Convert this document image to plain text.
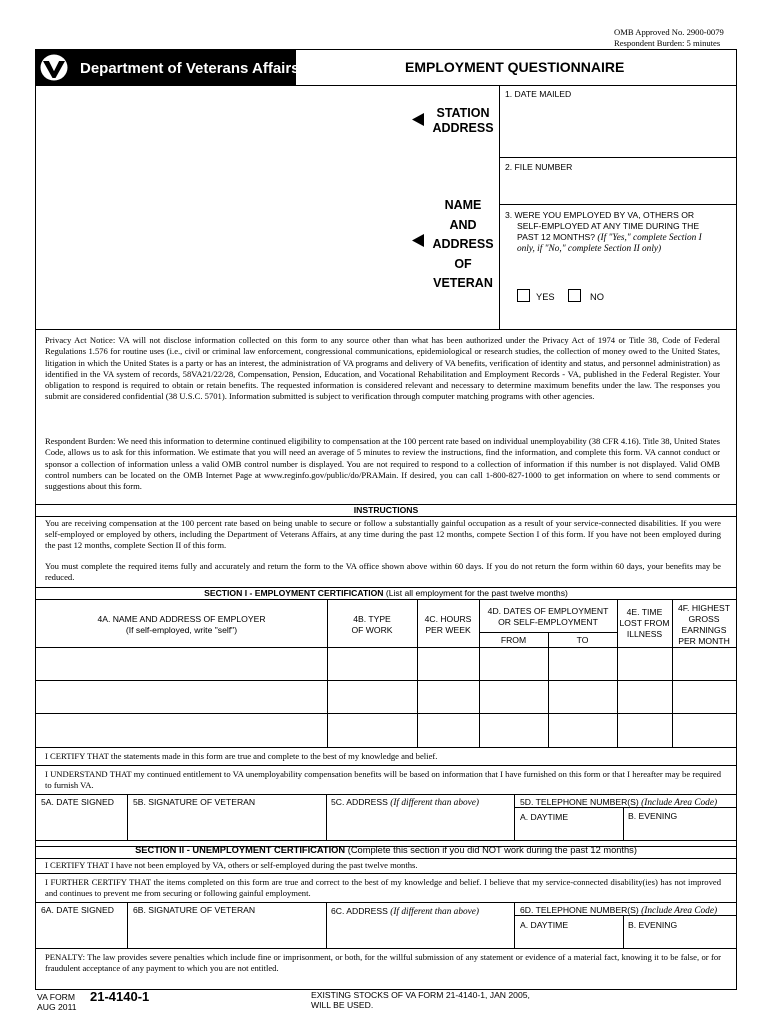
OMB Approved No. 2900-0079
Respondent Burden: 5 minutes
Department of Veterans Affairs	EMPLOYMENT QUESTIONNAIRE
1. DATE MAILED
2. FILE NUMBER
3. WERE YOU EMPLOYED BY VA, OTHERS OR
SELF-EMPLOYED AT ANY TIME DURING THE
PAST 12 MONTHS? (If "Yes," complete Section I
only, if "No," complete Section II only)
YES	NO
STATION
ADDRESS
NAME
AND
ADDRESS
OF
VETERAN
Privacy Act Notice: VA will not disclose information collected on this form to any source other than what has been authorized under the Privacy Act of 1974 or Title 38, Code of Federal Regulations 1.576 for routine uses (i.e., civil or criminal law enforcement, congressional communications, epidemiological or research studies, the collection of money owed to the United States, litigation in which the United States is a party or has an interest, the administration of VA programs and delivery of VA benefits, verification of identity and status, and personnel administration) as identified in the VA system of records, 58VA21/22/28, Compensation, Pension, Education, and Vocational Rehabilitation and Employment Records - VA, published in the Federal Register. Your obligation to respond is required to obtain or retain benefits. The requested information is considered relevant and necessary to determine maximum benefits under the law. The responses you submit are considered confidential (38 U.S.C. 5701). Information submitted is subject to verification through computer matching programs with other agencies.
Respondent Burden: We need this information to determine continued eligibility to compensation at the 100 percent rate based on individual unemployability (38 CFR 4.16). Title 38, United States Code, allows us to ask for this information. We estimate that you will need an average of 5 minutes to review the instructions, find the information, and complete this form. VA cannot conduct or sponsor a collection of information unless a valid OMB control number is displayed. You are not required to respond to a collection of information if this number is not displayed. Valid OMB control numbers can be located on the OMB Internet Page at www.reginfo.gov/public/do/PRAMain. If desired, you can call 1-800-827-1000 to get information on where to send comments or suggestions about this form.
INSTRUCTIONS
You are receiving compensation at the 100 percent rate based on being unable to secure or follow a substantially gainful occupation as a result of your service-connected disabilities. If you were self-employed or employed by others, including the Department of Veterans Affairs, at any time during the past 12 months, compete Section I of this form. If you have not been employed during the past 12 months, complete Section II of this form.
You must complete the required items fully and accurately and return the form to the VA office shown above within 60 days. If you do not return the form within 60 days, your benefits may be reduced.
SECTION I - EMPLOYMENT CERTIFICATION (List all employment for the past twelve months)
4A. NAME AND ADDRESS OF EMPLOYER
(If self-employed, write "self")
4B. TYPE
OF WORK
4C. HOURS
PER WEEK
4D. DATES OF EMPLOYMENT
OR SELF-EMPLOYMENT
FROM	TO
4E. TIME
LOST FROM
ILLNESS
4F. HIGHEST
GROSS
EARNINGS
PER MONTH
I CERTIFY THAT the statements made in this form are true and complete to the best of my knowledge and belief.
I UNDERSTAND THAT my continued entitlement to VA unemployability compensation benefits will be based on information that I have furnished on this form or that I hereafter may be required to furnish VA.
5A. DATE SIGNED 5B. SIGNATURE OF VETERAN	5C. ADDRESS (If different than above)	5D. TELEPHONE NUMBER(S) (Include Area Code)
A. DAYTIME	B. EVENING
SECTION II - UNEMPLOYMENT CERTIFICATION (Complete this section if you did NOT work during the past 12 months)
I CERTIFY THAT I have not been employed by VA, others or self-employed during the past twelve months.
I FURTHER CERTIFY THAT the items completed on this form are true and correct to the best of my knowledge and belief. I believe that my service-connected disability(ies) has not improved and continues to prevent me from securing or following gainful employment.
6A. DATE SIGNED 6B. SIGNATURE OF VETERAN	6C. ADDRESS (If different than above)	6D. TELEPHONE NUMBER(S) (Include Area Code)
A. DAYTIME	B. EVENING
PENALTY: The law provides severe penalties which include fine or imprisonment, or both, for the willful submission of any statement or evidence of a material fact, knowing it to be false, or for fraudulent acceptance of any payment to which you are not entitled.
VA FORM
AUG 2011
21-4140-1	EXISTING STOCKS OF VA FORM 21-4140-1, JAN 2005,
WILL BE USED.
